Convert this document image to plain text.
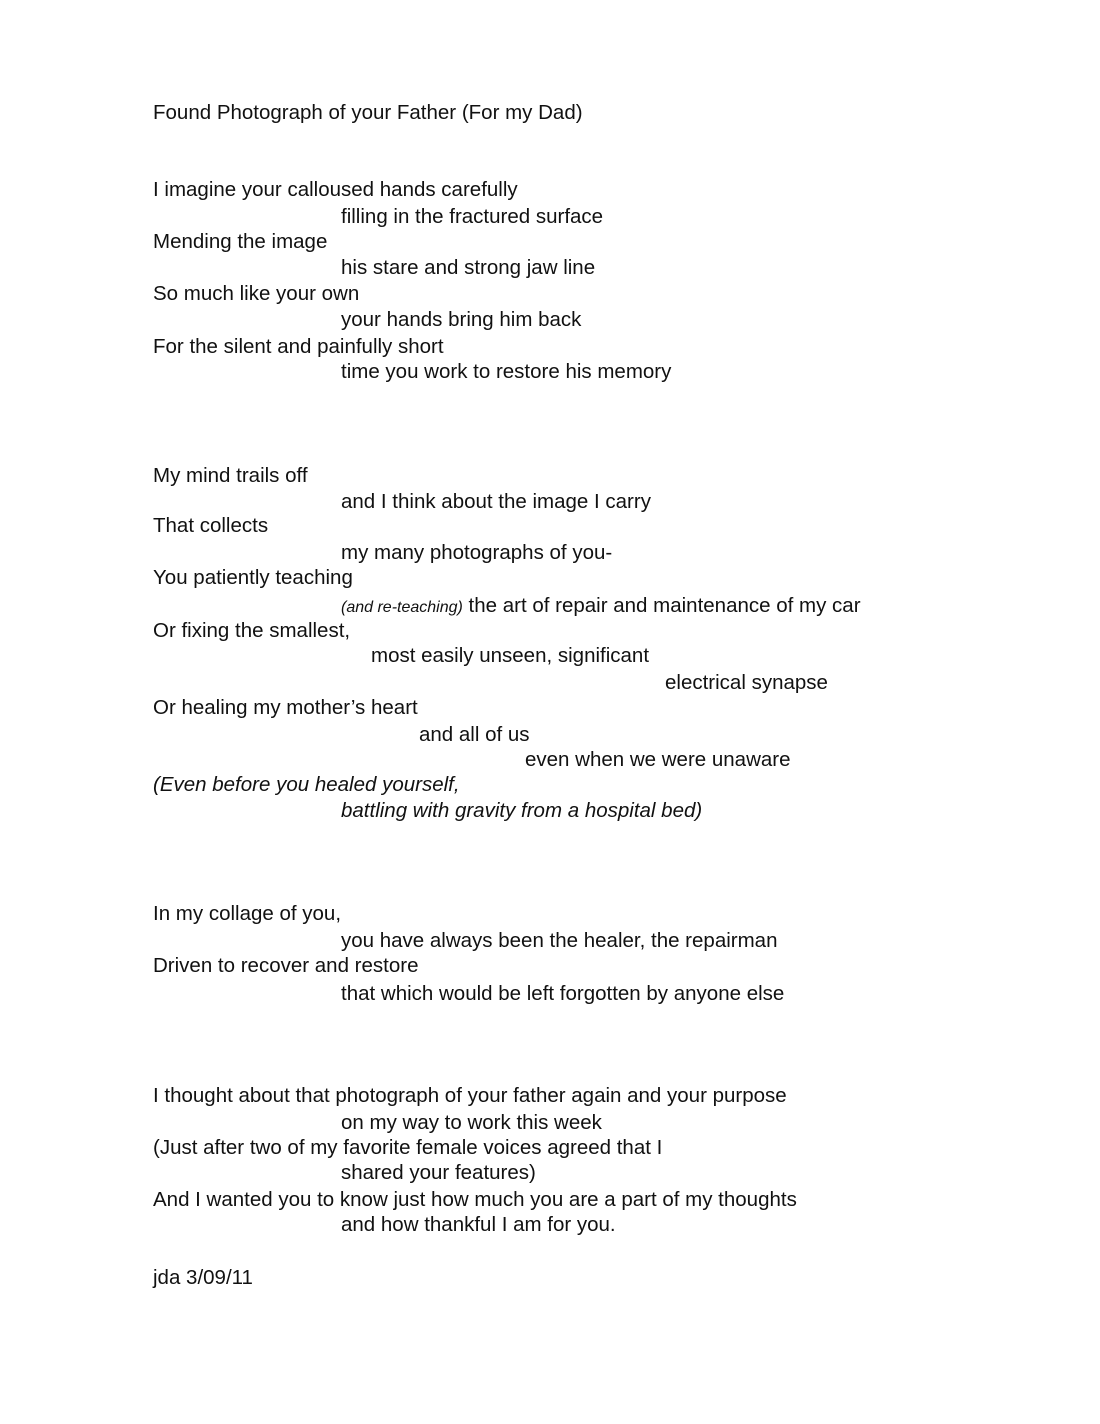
Found Photograph of your Father (For my Dad)

I imagine your calloused hands carefully

filling in the fractured surface

Mending the image

his stare and strong jaw line

So much like your own

your hands bring him back

For the silent and painfully short

time you work to restore his memory

My mind trails off

and I think about the image I carry

That collects

my many photographs of you-

You patiently teaching

(and re-teaching) the art of repair and maintenance of my car

Or fixing the smallest,

most easily unseen, significant

electrical synapse

Or healing my mother’s heart

and all of us

even when we were unaware

(Even before you healed yourself,

battling with gravity from a hospital bed)

In my collage of you,

you have always been the healer, the repairman

Driven to recover and restore

that which would be left forgotten by anyone else

I thought about that photograph of your father again and your purpose

on my way to work this week

(Just after two of my favorite female voices agreed that I

shared your features)

And I wanted you to know just how much you are a part of my thoughts

and how thankful I am for you.

jda 3/09/11
